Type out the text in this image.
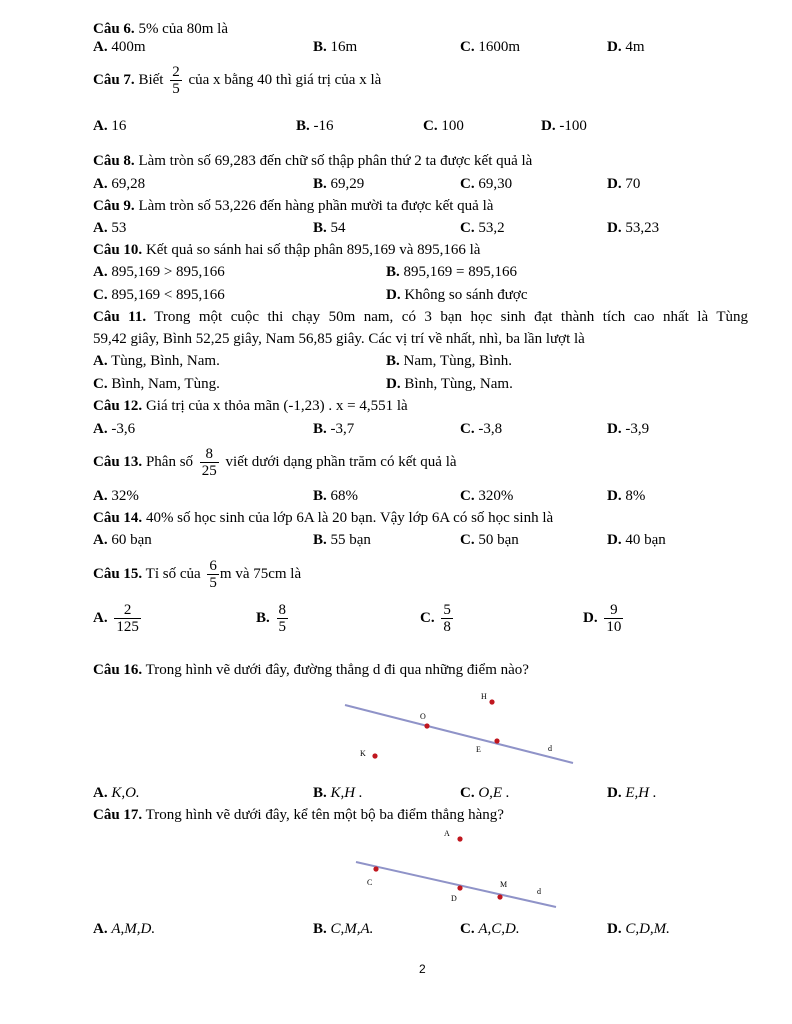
Câu 6. 5% của 80m là
A. 400m	B. 16m	C. 1600m	D. 4m
Câu 7. Biết $\frac{2}{5}$ của x bằng 40 thì giá trị của x là
A. 16	B. -16	C. 100	D. -100
Câu 8. Làm tròn số 69,283 đến chữ số thập phân thứ 2 ta được kết quả là
A. 69,28	B. 69,29	C. 69,30	D. 70
Câu 9. Làm tròn số 53,226 đến hàng phần mười ta được kết quả là
A. 53	B. 54	C. 53,2	D. 53,23
Câu 10. Kết quả so sánh hai số thập phân 895,169 và 895,166 là
A. 895,169 > 895,166	B. 895,169 = 895,166
C. 895,169 < 895,166	D. Không so sánh được
Câu 11. Trong một cuộc thi chạy 50m nam, có 3 bạn học sinh đạt thành tích cao nhất là Tùng
59,42 giây, Bình 52,25 giây, Nam 56,85 giây. Các vị trí về nhất, nhì, ba lần lượt là
A. Tùng, Bình, Nam.	B. Nam, Tùng, Bình.
C. Bình, Nam, Tùng.	D. Bình, Tùng, Nam.
Câu 12. Giá trị của x thỏa mãn (-1,23) . x = 4,551 là
A. -3,6	B. -3,7	C. -3,8	D. -3,9
Câu 13. Phân số $\frac{8}{25}$ viết dưới dạng phần trăm có kết quả là
A. 32%	B. 68%	C. 320%	D. 8%
Câu 14. 40% số học sinh của lớp 6A là 20 bạn. Vậy lớp 6A có số học sinh là
A. 60 bạn	B. 55 bạn	C. 50 bạn	D. 40 bạn
Câu 15. Tỉ số của $\frac{6}{5}$ m và 75cm là
A. $\frac{2}{125}$	B. $\frac{8}{5}$	C. $\frac{5}{8}$	D. $\frac{9}{10}$
Câu 16. Trong hình vẽ dưới đây, đường thẳng d đi qua những điểm nào?
H
O
K	E	d
A. K,O.	B. K,H .	C. O,E .	D. E,H .
Câu 17. Trong hình vẽ dưới đây, kể tên một bộ ba điểm thẳng hàng?
A
C
D
M
d
A. A,M,D.	B. C,M,A.	C. A,C,D.	D. C,D,M.
2
